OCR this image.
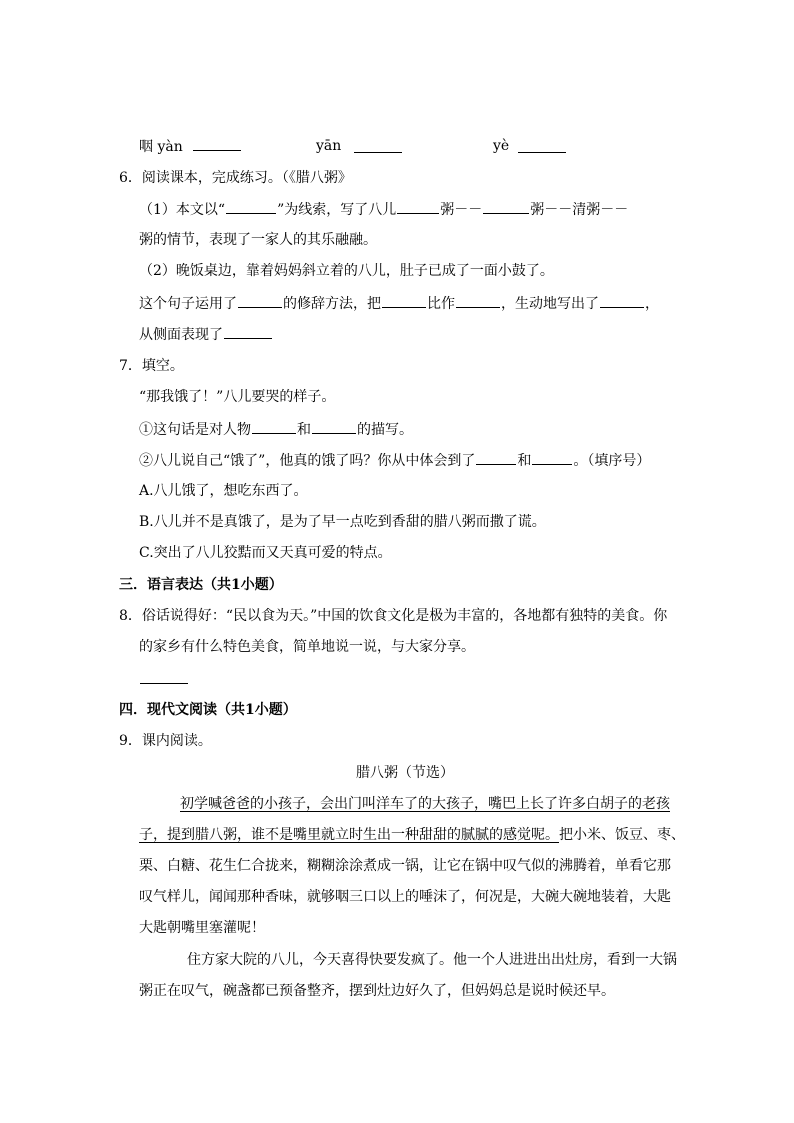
咽 yàn	yān	yè
6．阅读课本，完成练习。（《腊八粥》
（1）本文以“	”为线索，写了八儿	粥－－	粥－－清粥－－
粥的情节，表现了一家人的其乐融融。
（2）晚饭桌边，靠着妈妈斜立着的八儿，肚子已成了一面小鼓了。
这个句子运用了	的修辞方法，把	比作	，生动地写出了	，
从侧面表现了
7．填空。
“那我饿了！”八儿要哭的样子。
①这句话是对人物	和	的描写。
②八儿说自己“饿了”，他真的饿了吗？你从中体会到了	和	。（填序号）
A.八儿饿了，想吃东西了。
B.八儿并不是真饿了，是为了早一点吃到香甜的腊八粥而撒了谎。
C.突出了八儿狡黠而又天真可爱的特点。
三．语言表达（共1小题）
8．俗话说得好：“民以食为天。”中国的饮食文化是极为丰富的，各地都有独特的美食。你
的家乡有什么特色美食，简单地说一说，与大家分享。
四．现代文阅读（共1小题）
9．课内阅读。
腊八粥（节选）
初学喊爸爸的小孩子，会出门叫洋车了的大孩子，嘴巴上长了许多白胡子的老孩
子，提到腊八粥，谁不是嘴里就立时生出一种甜甜的腻腻的感觉呢。把小米、饭豆、枣、
栗、白糖、花生仁合拢来，糊糊涂涂煮成一锅，让它在锅中叹气似的沸腾着，单看它那
叹气样儿，闻闻那种香味，就够咽三口以上的唾沫了，何况是，大碗大碗地装着，大匙
大匙朝嘴里塞灌呢！
住方家大院的八儿，今天喜得快要发疯了。他一个人进进出出灶房，看到一大锅
粥正在叹气，碗盏都已预备整齐，摆到灶边好久了，但妈妈总是说时候还早。
